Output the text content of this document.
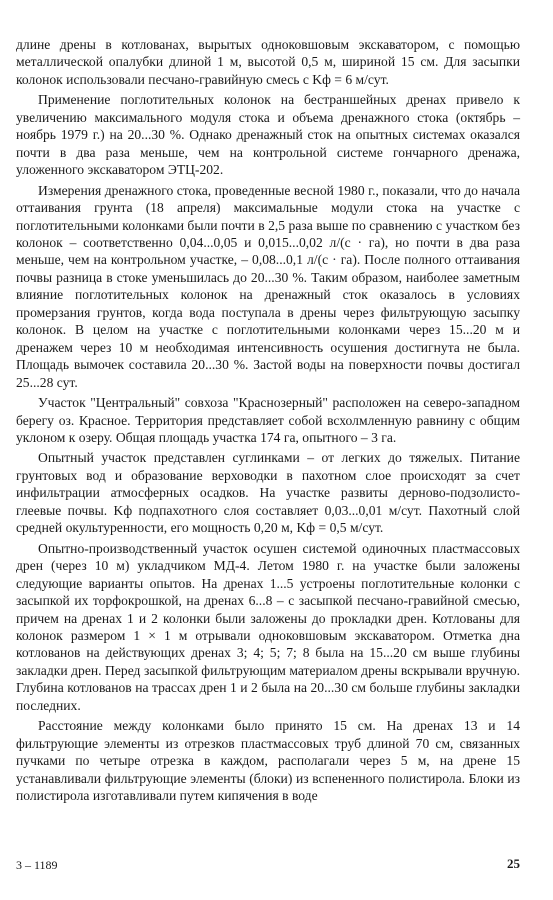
длине дрены в котлованах, вырытых одноковшовым экскаватором, с помощью металлической опалубки длиной 1 м, высотой 0,5 м, шириной 15 см. Для засыпки колонок использовали песчано-гравийную смесь с Kф = 6 м/сут.

Применение поглотительных колонок на бестраншейных дренах привело к увеличению максимального модуля стока и объема дренажного стока (октябрь – ноябрь 1979 г.) на 20...30 %. Однако дренажный сток на опытных системах оказался почти в два раза меньше, чем на контрольной системе гончарного дренажа, уложенного экскаватором ЭТЦ-202.

Измерения дренажного стока, проведенные весной 1980 г., показали, что до начала оттаивания грунта (18 апреля) максимальные модули стока на участке с поглотительными колонками были почти в 2,5 раза выше по сравнению с участком без колонок – соответственно 0,04...0,05 и 0,015...0,02 л/(с · га), но почти в два раза меньше, чем на контрольном участке, – 0,08...0,1 л/(с · га). После полного оттаивания почвы разница в стоке уменьшилась до 20...30 %. Таким образом, наиболее заметным влияние поглотительных колонок на дренажный сток оказалось в условиях промерзания грунтов, когда вода поступала в дрены через фильтрующую засыпку колонок. В целом на участке с поглотительными колонками через 15...20 м и дренажем через 10 м необходимая интенсивность осушения достигнута не была. Площадь вымочек составила 20...30 %. Застой воды на поверхности почвы достигал 25...28 сут.

Участок "Центральный" совхоза "Краснозерный" расположен на северо-западном берегу оз. Красное. Территория представляет собой всхолмленную равнину с общим уклоном к озеру. Общая площадь участка 174 га, опытного – 3 га.

Опытный участок представлен суглинками – от легких до тяжелых. Питание грунтовых вод и образование верховодки в пахотном слое происходят за счет инфильтрации атмосферных осадков. На участке развиты дерново-подзолисто-глеевые почвы. Kф подпахотного слоя составляет 0,03...0,01 м/сут. Пахотный слой средней окультуренности, его мощность 0,20 м, Kф = 0,5 м/сут.

Опытно-производственный участок осушен системой одиночных пластмассовых дрен (через 10 м) укладчиком МД-4. Летом 1980 г. на участке были заложены следующие варианты опытов. На дренах 1...5 устроены поглотительные колонки с засыпкой их торфокрошкой, на дренах 6...8 – с засыпкой песчано-гравийной смесью, причем на дренах 1 и 2 колонки были заложены до прокладки дрен. Котлованы для колонок размером 1 × 1 м отрывали одноковшовым экскаватором. Отметка дна котлованов на действующих дренах 3; 4; 5; 7; 8 была на 15...20 см выше глубины закладки дрен. Перед засыпкой фильтрующим материалом дрены вскрывали вручную. Глубина котлованов на трассах дрен 1 и 2 была на 20...30 см больше глубины закладки последних.

Расстояние между колонками было принято 15 см. На дренах 13 и 14 фильтрующие элементы из отрезков пластмассовых труб длиной 70 см, связанных пучками по четыре отрезка в каждом, располагали через 5 м, на дрене 15 устанавливали фильтрующие элементы (блоки) из вспененного полистирола. Блоки из полистирола изготавливали путем кипячения в воде

3 – 1189	25
